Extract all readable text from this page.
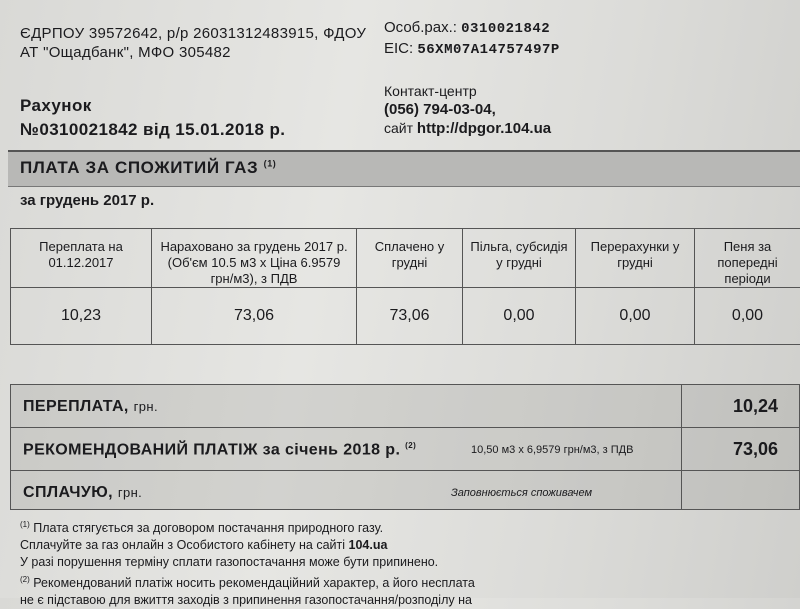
ЄДРПОУ 39572642, р/р 26031312483915, ФДОУ
АТ "Ощадбанк", МФО 305482
Особ.рах.: 0310021842
EIC: 56XM07A14757497P
Рахунок
№0310021842 від 15.01.2018 р.
Контакт-центр
(056) 794-03-04,
сайт http://dpgor.104.ua
ПЛАТА ЗА СПОЖИТИЙ ГАЗ $^{(1)}$
за грудень 2017 р.
Переплата на 01.12.2017	Нараховано за грудень 2017 р. (Об'єм 10.5 м3 х Ціна 6.9579 грн/м3), з ПДВ	Сплачено у грудні	Пільга, субсидія у грудні	Перерахунки у грудні	Пеня за попередні періоди
10,23	73,06	73,06	0,00	0,00	0,00
ПЕРЕПЛАТА, грн.	10,24
РЕКОМЕНДОВАНИЙ ПЛАТІЖ за січень 2018 р. $^{(2)}$	10,50 м3 х 6,9579 грн/м3, з ПДВ	73,06
СПЛАЧУЮ, грн.	Заповнюється споживачем
$^{(1)}$ Плата стягується за договором постачання природного газу.
Сплачуйте за газ онлайн з Особистого кабінету на сайті 104.ua
У разі порушення терміну сплати газопостачання може бути припинено.
$^{(2)}$ Рекомендований платіж носить рекомендаційний характер, а його несплата
не є підставою для вжиття заходів з припинення газопостачання/розподілу на
